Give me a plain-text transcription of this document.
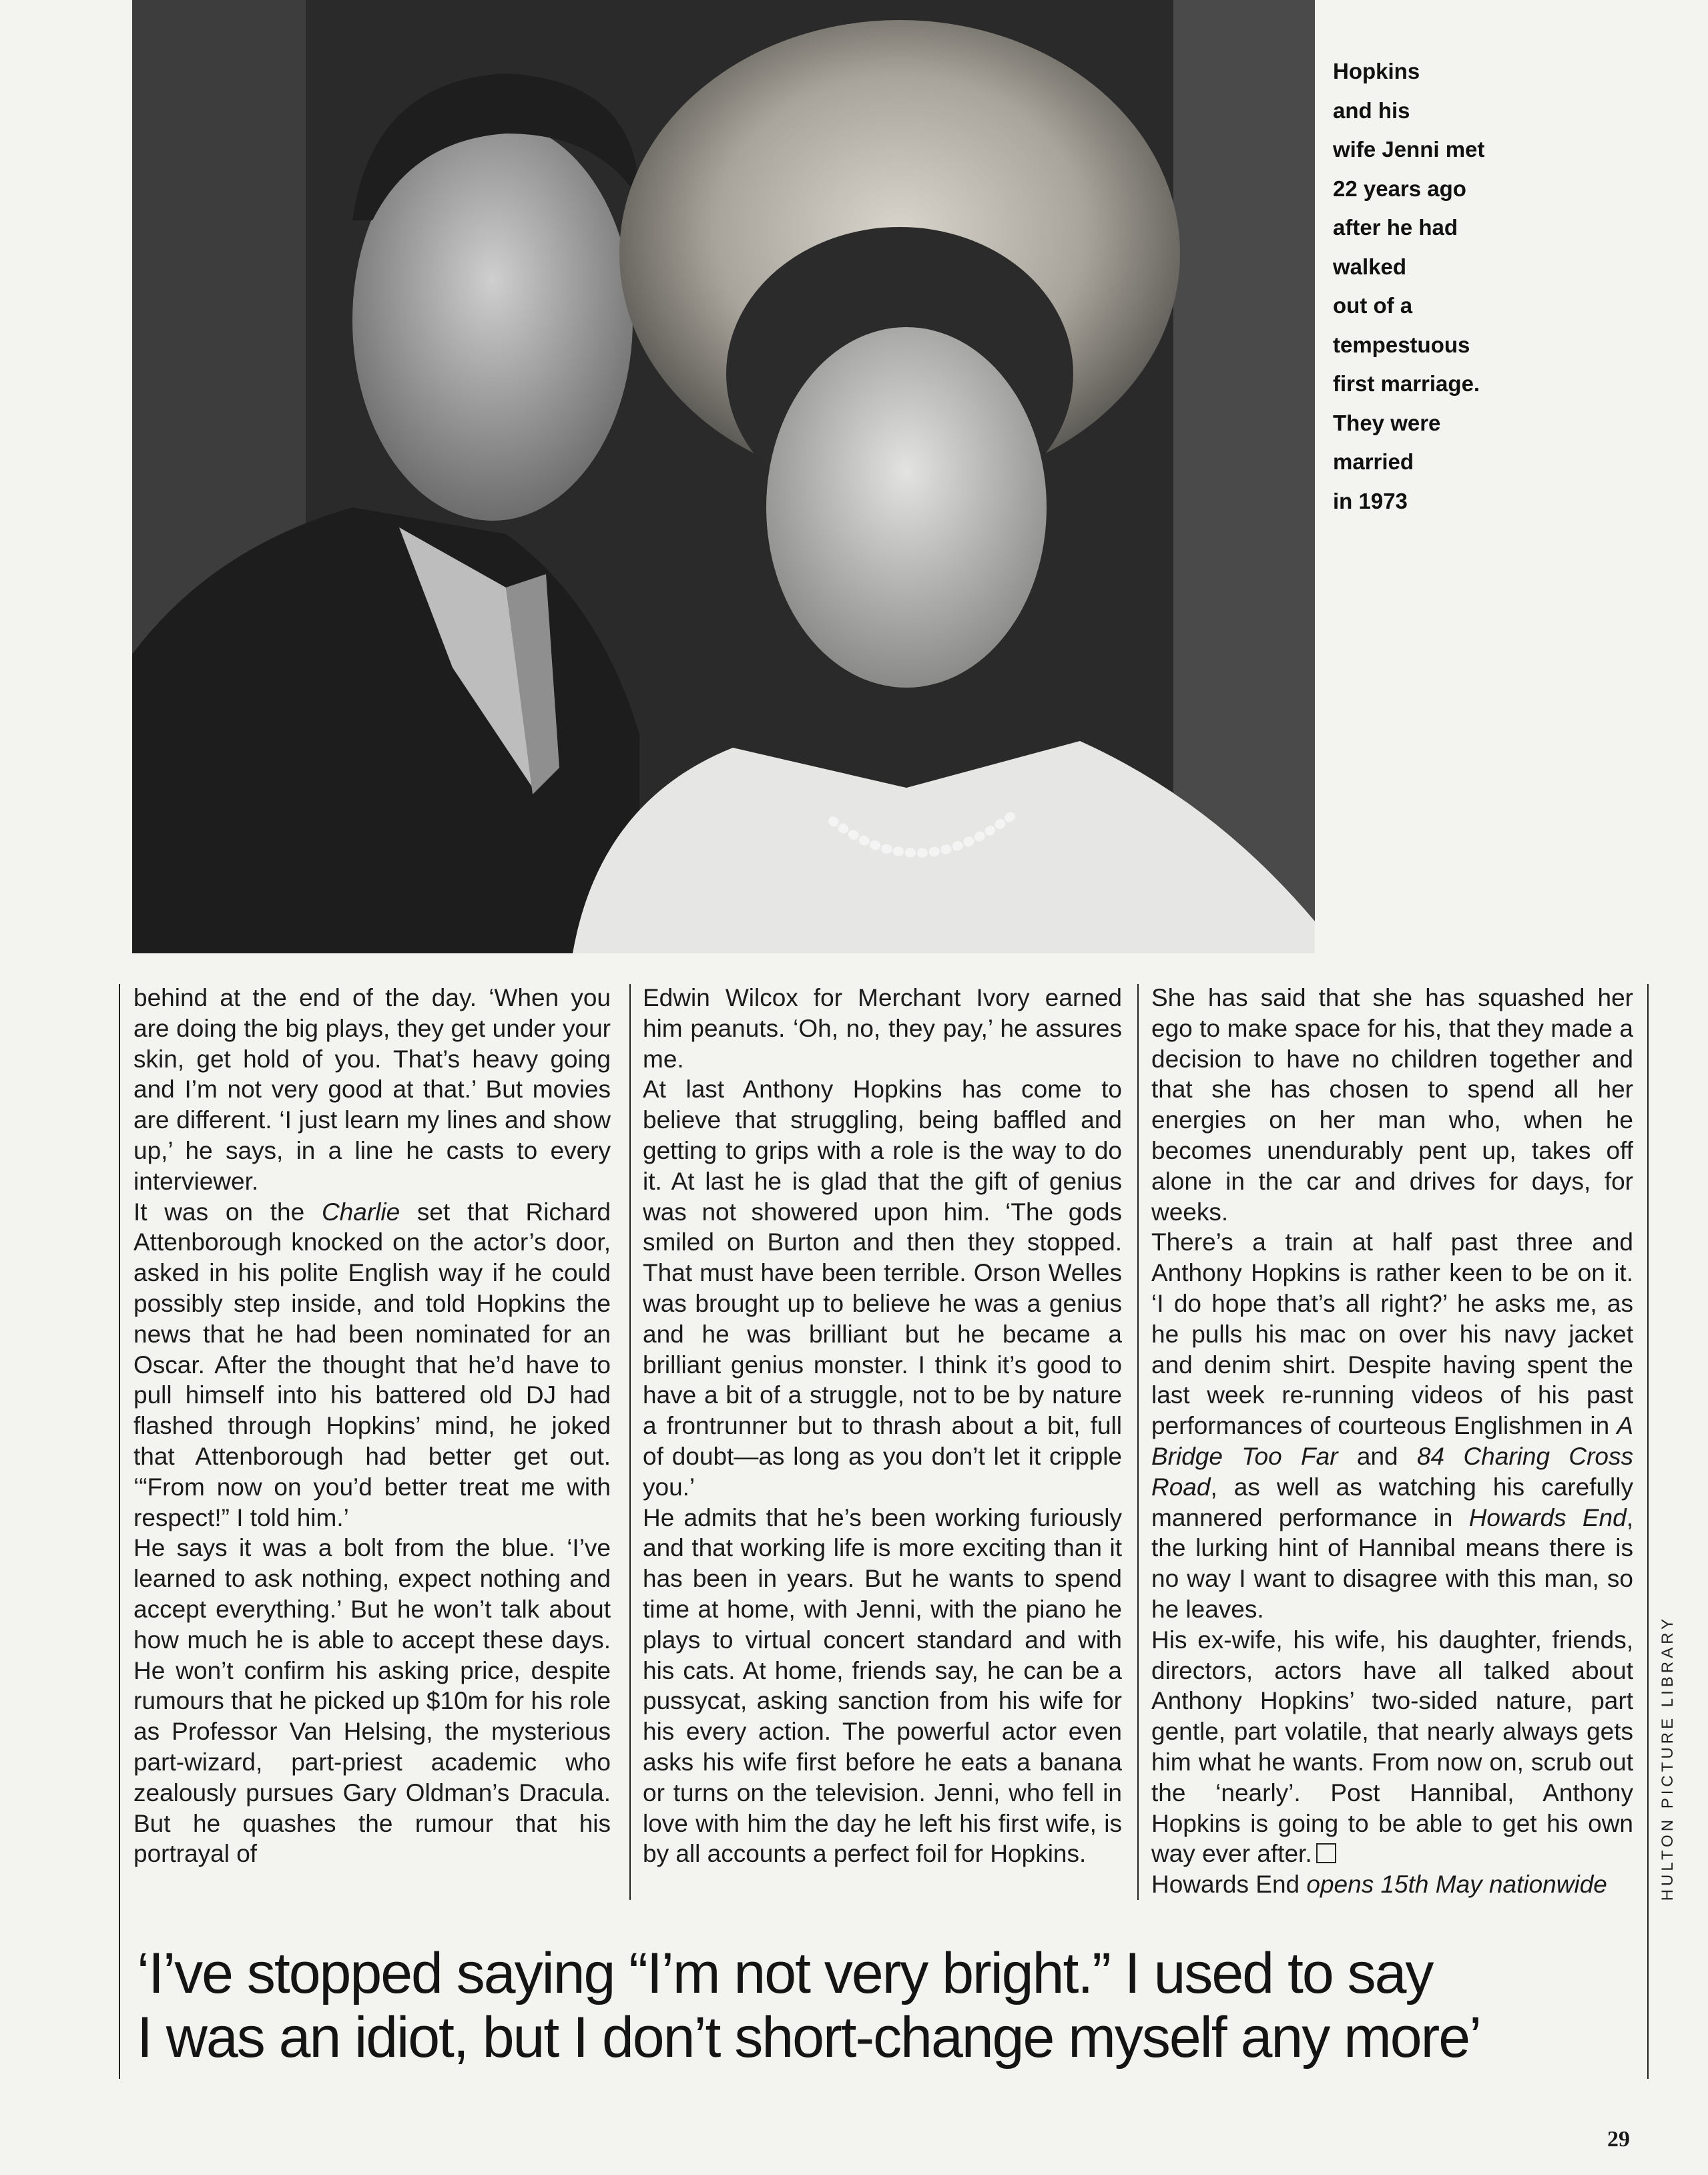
Hopkins
and his
wife Jenni met
22 years ago
after he had
walked
out of a
tempestuous
first marriage.
They were
married
in 1973
HULTON PICTURE LIBRARY

behind at the end of the day. ‘When you are doing the big plays, they get under your skin, get hold of you. That’s heavy going and I’m not very good at that.’ But movies are different. ‘I just learn my lines and show up,’ he says, in a line he casts to every interviewer.

It was on the Charlie set that Richard Attenborough knocked on the actor’s door, asked in his polite English way if he could possibly step inside, and told Hopkins the news that he had been nominated for an Oscar. After the thought that he’d have to pull himself into his battered old DJ had flashed through Hopkins’ mind, he joked that Attenborough had better get out. ‘“From now on you’d better treat me with respect!” I told him.’

He says it was a bolt from the blue. ‘I’ve learned to ask nothing, expect nothing and accept everything.’ But he won’t talk about how much he is able to accept these days. He won’t confirm his asking price, despite rumours that he picked up $10m for his role as Professor Van Helsing, the mysterious part-wizard, part-priest academic who zealously pursues Gary Oldman’s Dracula. But he quashes the rumour that his portrayal of

Edwin Wilcox for Merchant Ivory earned him peanuts. ‘Oh, no, they pay,’ he assures me.

At last Anthony Hopkins has come to believe that struggling, being baffled and getting to grips with a role is the way to do it. At last he is glad that the gift of genius was not showered upon him. ‘The gods smiled on Burton and then they stopped. That must have been terrible. Orson Welles was brought up to believe he was a genius and he was brilliant but he became a brilliant genius monster. I think it’s good to have a bit of a struggle, not to be by nature a frontrunner but to thrash about a bit, full of doubt—as long as you don’t let it cripple you.’

He admits that he’s been working furiously and that working life is more exciting than it has been in years. But he wants to spend time at home, with Jenni, with the piano he plays to virtual concert standard and with his cats. At home, friends say, he can be a pussycat, asking sanction from his wife for his every action. The powerful actor even asks his wife first before he eats a banana or turns on the television. Jenni, who fell in love with him the day he left his first wife, is by all accounts a perfect foil for Hopkins.

She has said that she has squashed her ego to make space for his, that they made a decision to have no children together and that she has chosen to spend all her energies on her man who, when he becomes unendurably pent up, takes off alone in the car and drives for days, for weeks.

There’s a train at half past three and Anthony Hopkins is rather keen to be on it. ‘I do hope that’s all right?’ he asks me, as he pulls his mac on over his navy jacket and denim shirt. Despite having spent the last week re-running videos of his past performances of courteous Englishmen in A Bridge Too Far and 84 Charing Cross Road, as well as watching his carefully mannered performance in Howards End, the lurking hint of Hannibal means there is no way I want to disagree with this man, so he leaves.

His ex-wife, his wife, his daughter, friends, directors, actors have all talked about Anthony Hopkins’ two-sided nature, part gentle, part volatile, that nearly always gets him what he wants. From now on, scrub out the ‘nearly’. Post Hannibal, Anthony Hopkins is going to be able to get his own way ever after.

Howards End opens 15th May nationwide

‘I’ve stopped saying “I’m not very bright.” I used to say
I was an idiot, but I don’t short-change myself any more’
29
